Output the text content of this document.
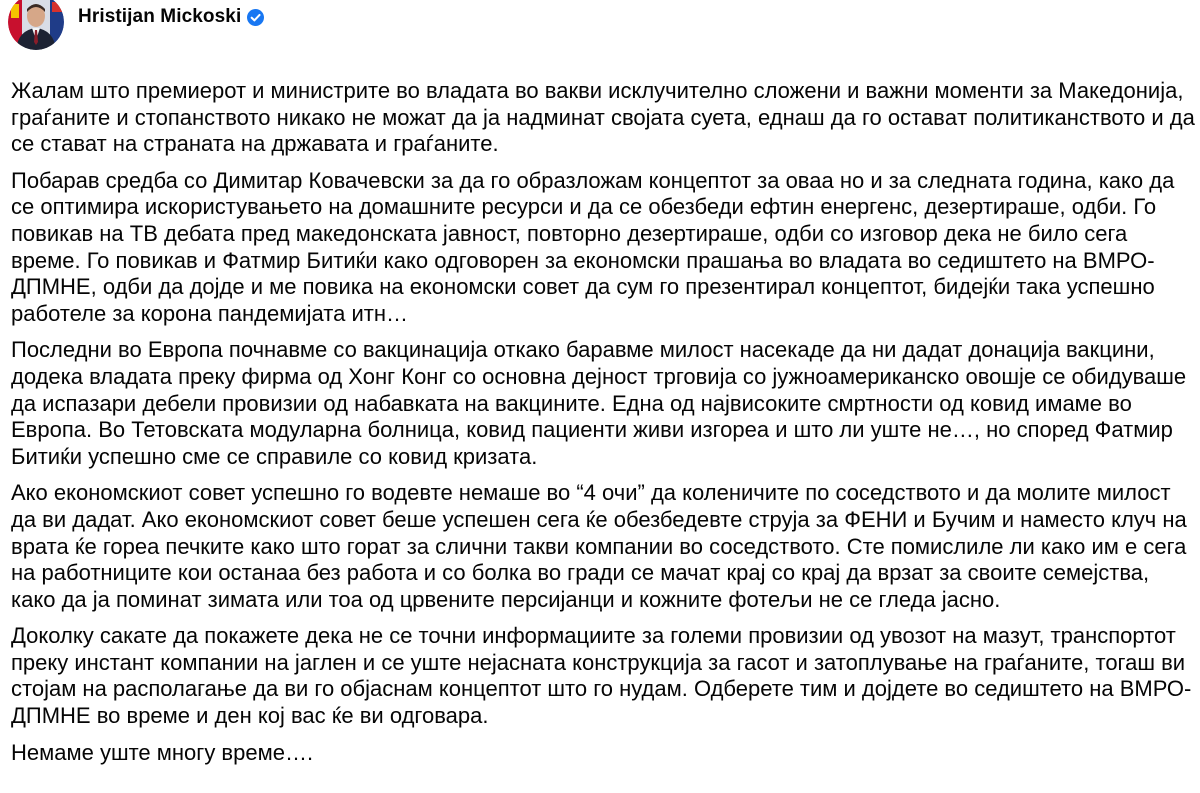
Hristijan Mickoski

Жалам што премиерот и министрите во владата во вакви исклучително сложени и важни моменти за Македонија, граѓаните и стопанството никако не можат да ја надминат својата суета, еднаш да го оставaт политиканството и да се стават на страната на државата и граѓаните.

Побарав средба со Димитар Ковачевски за да го образложам концептот за оваа но и за следната година, како да се оптимира искористувањето на домашните ресурси и да се обезбеди ефтин енергенс, дезертираше, одби. Го повикав на ТВ дебата пред македонската јавност, повторно дезертираше, одби со изговор дека не било сега време. Го повикав и Фатмир Битиќи како одговорен за економски прашања во владата во седиштето на ВМРО-ДПМНЕ, одби да дојде и ме повика на економски совет да сум го презентирал концептот, бидејќи така успешно работеле за корона пандемијата итн…

Последни во Европа почнавме со вакцинација откако баравме милост насекаде да ни дадат донација вакцини, додека владата преку фирма од Хонг Конг со основна дејност трговија со јужноамериканско овошје се обидуваше да испазари дебели провизии од набавката на вакцините. Една од највисоките смртности од ковид имаме во Европа. Во Тетовската модуларна болница, ковид пациенти живи изгореа и што ли уште не…, но според Фатмир Битиќи успешно сме се справиле со ковид кризата.

Ако економскиот совет успешно го водевте немаше во “4 очи” да коленичите по соседството и да молите милост да ви дадат. Ако економскиот совет беше успешен сега ќе обезбедевте струја за ФЕНИ и Бучим и наместо клуч на врата ќе гореа печките како што горат за слични такви компании во соседството. Сте помислиле ли како им е сега на работниците кои останаа без работа и со болка во гради се мачат крај со крај да врзат за своите семејства, како да ја поминат зимата или тоа од црвените персијанци и кожните фотељи не се гледа јасно.

Доколку сакате да покажете дека не се точни информациите за големи провизии од увозот на мазут, транспортот преку инстант компании на јаглен и се уште нејасната конструкција за гасот и затоплување на граѓаните, тогаш ви стојам на располагање да ви го објаснам концептот што го нудам. Одберете тим и дојдете во седиштето на ВМРО-ДПМНЕ во време и ден кој вас ќе ви одговара.

Немаме уште многу време….
